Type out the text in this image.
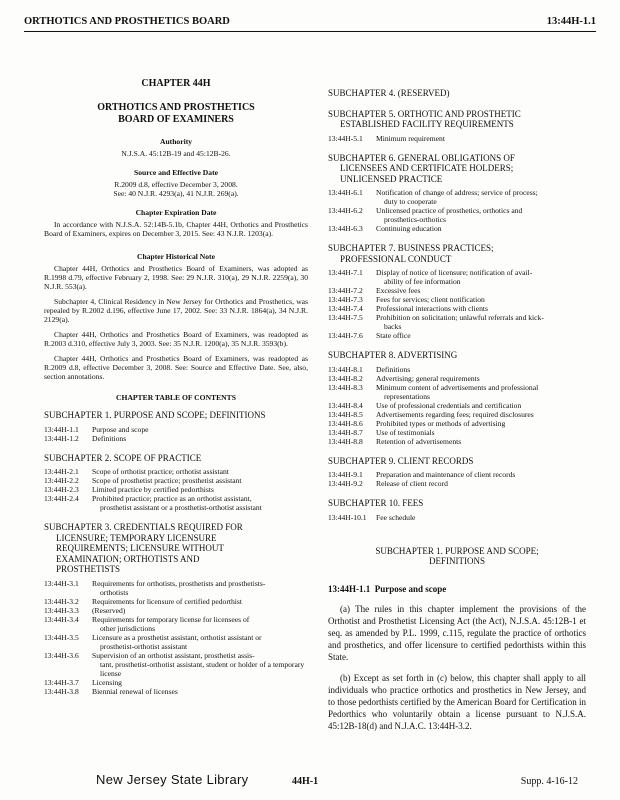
ORTHOTICS AND PROSTHETICS BOARD	13:44H-1.1
CHAPTER 44H
ORTHOTICS AND PROSTHETICS
BOARD OF EXAMINERS
Authority
N.J.S.A. 45:12B-19 and 45:12B-26.
Source and Effective Date
R.2009 d.8, effective December 3, 2008.
See: 40 N.J.R. 4293(a), 41 N.J.R. 269(a).
Chapter Expiration Date
In accordance with N.J.S.A. 52:14B-5.1b, Chapter 44H, Orthotics and Prosthetics Board of Examiners, expires on December 3, 2015. See: 43 N.J.R. 1203(a).
Chapter Historical Note
Chapter 44H, Orthotics and Prosthetics Board of Examiners, was adopted as R.1998 d.79, effective February 2, 1998. See: 29 N.J.R. 310(a), 29 N.J.R. 2259(a), 30 N.J.R. 553(a).
Subchapter 4, Clinical Residency in New Jersey for Orthotics and Prosthetics, was repealed by R.2002 d.196, effective June 17, 2002. See: 33 N.J.R. 1864(a), 34 N.J.R. 2129(a).
Chapter 44H, Orthotics and Prosthetics Board of Examiners, was readopted as R.2003 d.310, effective July 3, 2003. See: 35 N.J.R. 1200(a), 35 N.J.R. 3593(b).
Chapter 44H, Orthotics and Prosthetics Board of Examiners, was readopted as R.2009 d.8, effective December 3, 2008. See: Source and Effective Date. See, also, section annotations.
CHAPTER TABLE OF CONTENTS
SUBCHAPTER 1. PURPOSE AND SCOPE; DEFINITIONS
13:44H-1.1	Purpose and scope
13:44H-1.2	Definitions
SUBCHAPTER 2. SCOPE OF PRACTICE
13:44H-2.1	Scope of orthotist practice; orthotist assistant
13:44H-2.2	Scope of prosthetist practice; prosthetist assistant
13:44H-2.3	Limited practice by certified pedorthists
13:44H-2.4	Prohibited practice; practice as an orthotist assistant,
prosthetist assistant or a prosthetist-orthotist assistant
SUBCHAPTER 3. CREDENTIALS REQUIRED FOR
LICENSURE; TEMPORARY LICENSURE
REQUIREMENTS; LICENSURE WITHOUT
EXAMINATION; ORTHOTISTS AND
PROSTHETISTS
13:44H-3.1	Requirements for orthotists, prosthetists and prosthetists-
orthotists
13:44H-3.2	Requirements for licensure of certified pedorthist
13:44H-3.3	(Reserved)
13:44H-3.4	Requirements for temporary license for licensees of
other jurisdictions
13:44H-3.5	Licensure as a prosthetist assistant, orthotist assistant or
prosthetist-orthotist assistant
13:44H-3.6	Supervision of an orthotist assistant, prosthetist assis-
tant, prosthetist-orthotist assistant, student or holder of a temporary license
13:44H-3.7	Licensing
13:44H-3.8	Biennial renewal of licenses
SUBCHAPTER 4. (RESERVED)
SUBCHAPTER 5. ORTHOTIC AND PROSTHETIC
ESTABLISHED FACILITY REQUIREMENTS
13:44H-5.1	Minimum requirement
SUBCHAPTER 6. GENERAL OBLIGATIONS OF
LICENSEES AND CERTIFICATE HOLDERS;
UNLICENSED PRACTICE
13:44H-6.1	Notification of change of address; service of process;
duty to cooperate
13:44H-6.2	Unlicensed practice of prosthetics, orthotics and
prosthetics-orthotics
13:44H-6.3	Continuing education
SUBCHAPTER 7. BUSINESS PRACTICES;
PROFESSIONAL CONDUCT
13:44H-7.1	Display of notice of licensure; notification of avail-
ability of fee information
13:44H-7.2	Excessive fees
13:44H-7.3	Fees for services; client notification
13:44H-7.4	Professional interactions with clients
13:44H-7.5	Prohibition on solicitation; unlawful referrals and kick-
backs
13:44H-7.6	State office
SUBCHAPTER 8. ADVERTISING
13:44H-8.1	Definitions
13:44H-8.2	Advertising; general requirements
13:44H-8.3	Minimum content of advertisements and professional
representations
13:44H-8.4	Use of professional credentials and certification
13:44H-8.5	Advertisements regarding fees; required disclosures
13:44H-8.6	Prohibited types or methods of advertising
13:44H-8.7	Use of testimonials
13:44H-8.8	Retention of advertisements
SUBCHAPTER 9. CLIENT RECORDS
13:44H-9.1	Preparation and maintenance of client records
13:44H-9.2	Release of client record
SUBCHAPTER 10. FEES
13:44H-10.1	Fee schedule
SUBCHAPTER 1. PURPOSE AND SCOPE;
DEFINITIONS
13:44H-1.1 Purpose and scope
(a) The rules in this chapter implement the provisions of the Orthotist and Prosthetist Licensing Act (the Act), N.J.S.A. 45:12B-1 et seq. as amended by P.L. 1999, c.115, regulate the practice of orthotics and prosthetics, and offer licensure to certified pedorthists within this State.
(b) Except as set forth in (c) below, this chapter shall apply to all individuals who practice orthotics and prosthetics in New Jersey, and to those pedorthists certified by the American Board for Certification in Pedorthics who voluntarily obtain a license pursuant to N.J.S.A. 45:12B-18(d) and N.J.A.C. 13:44H-3.2.
New Jersey State Library	44H-1	Supp. 4-16-12
